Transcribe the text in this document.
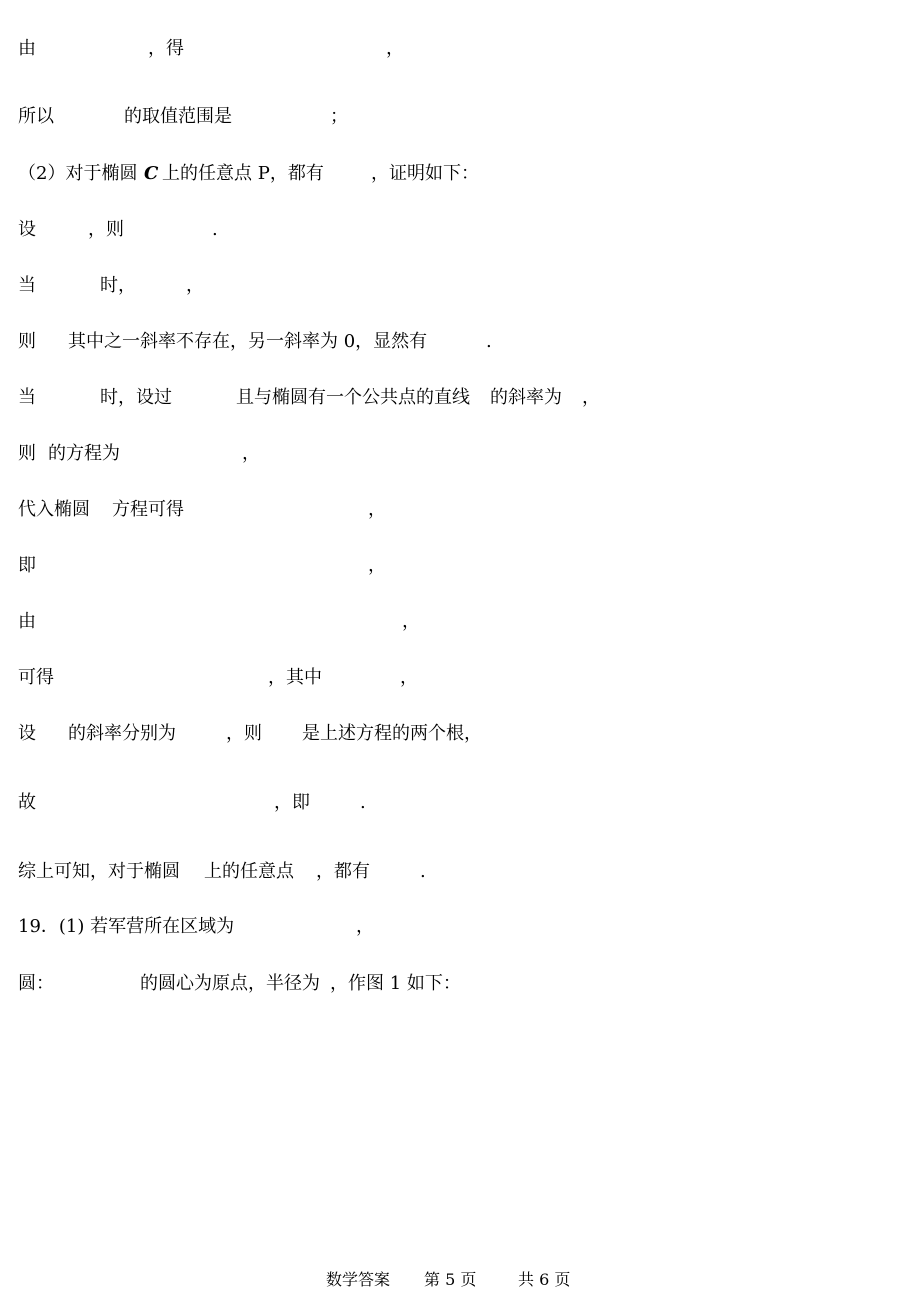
由	，得	，
所以	的取值范围是	；
（2）对于椭圆 C 上的任意点 P，都有	，证明如下：
设	，则	.
当	时，	，
则 其中之一斜率不存在，另一斜率为 0，显然有	.
当	时，设过	且与椭圆有一个公共点的直线 的斜率为 ，
则 的方程为	，
代入椭圆 方程可得	，
即	，
由	，
可得	，其中	，
设 的斜率分别为	，则 是上述方程的两个根，
故	，即	.
综上可知，对于椭圆 上的任意点 ，都有	.
19．(1) 若军营所在区域为	，
圆：	的圆心为原点，半径为 ，作图 1 如下：
数学答案 第 5 页	共 6 页
